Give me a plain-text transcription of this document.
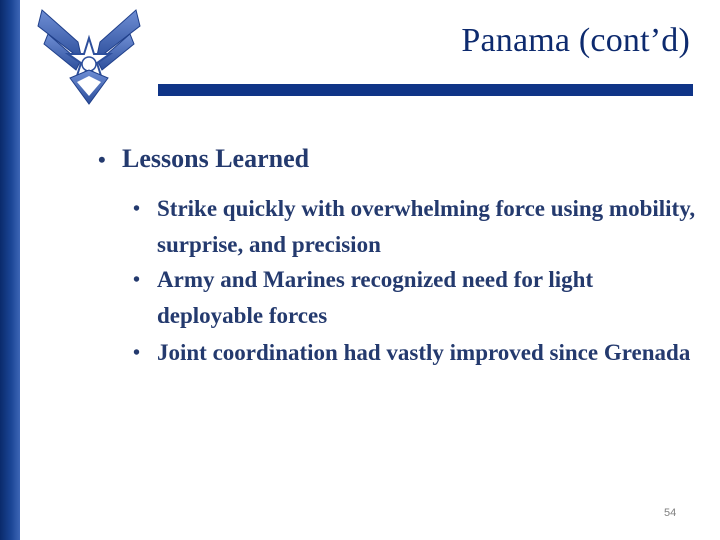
Panama (cont’d)
• Lessons Learned
• Strike quickly with overwhelming force using mobility, surprise, and precision
• Army and Marines recognized need for light deployable forces
• Joint coordination had vastly improved since Grenada
54
